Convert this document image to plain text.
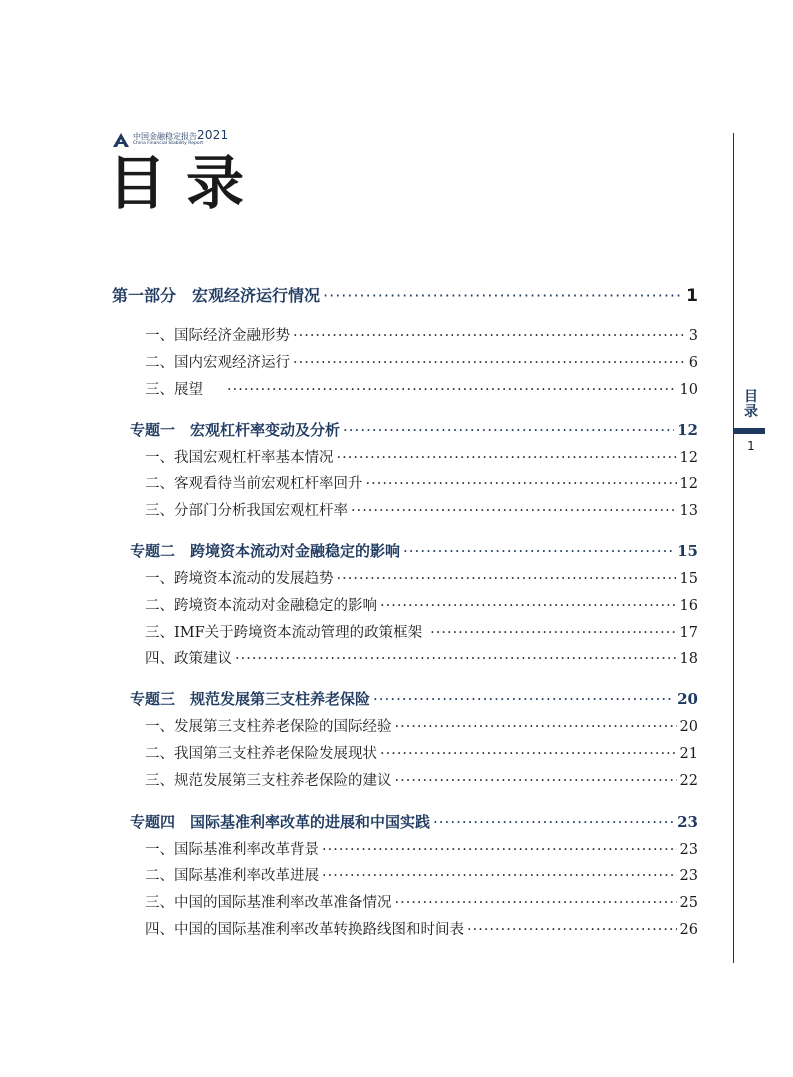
中国金融稳定报告2021
China Financial Stability Report
目录
目
录
1
第一部分　宏观经济运行情况 ·····	1
一、国际经济金融形势 ·····	3
二、国内宏观经济运行 ·····	6
三、展望 ·····	10
专题一　宏观杠杆率变动及分析 ·····	12
一、我国宏观杠杆率基本情况 ·····	12
二、客观看待当前宏观杠杆率回升 ·····	12
三、分部门分析我国宏观杠杆率 ·····	13
专题二　跨境资本流动对金融稳定的影响 ·····	15
一、跨境资本流动的发展趋势 ·····	15
二、跨境资本流动对金融稳定的影响 ·····	16
三、IMF关于跨境资本流动管理的政策框架 ·····	17
四、政策建议 ·····	18
专题三　规范发展第三支柱养老保险 ·····	20
一、发展第三支柱养老保险的国际经验 ·····	20
二、我国第三支柱养老保险发展现状 ·····	21
三、规范发展第三支柱养老保险的建议 ·····	22
专题四　国际基准利率改革的进展和中国实践 ·····	23
一、国际基准利率改革背景 ·····	23
二、国际基准利率改革进展 ·····	23
三、中国的国际基准利率改革准备情况 ·····	25
四、中国的国际基准利率改革转换路线图和时间表 ·····	26
